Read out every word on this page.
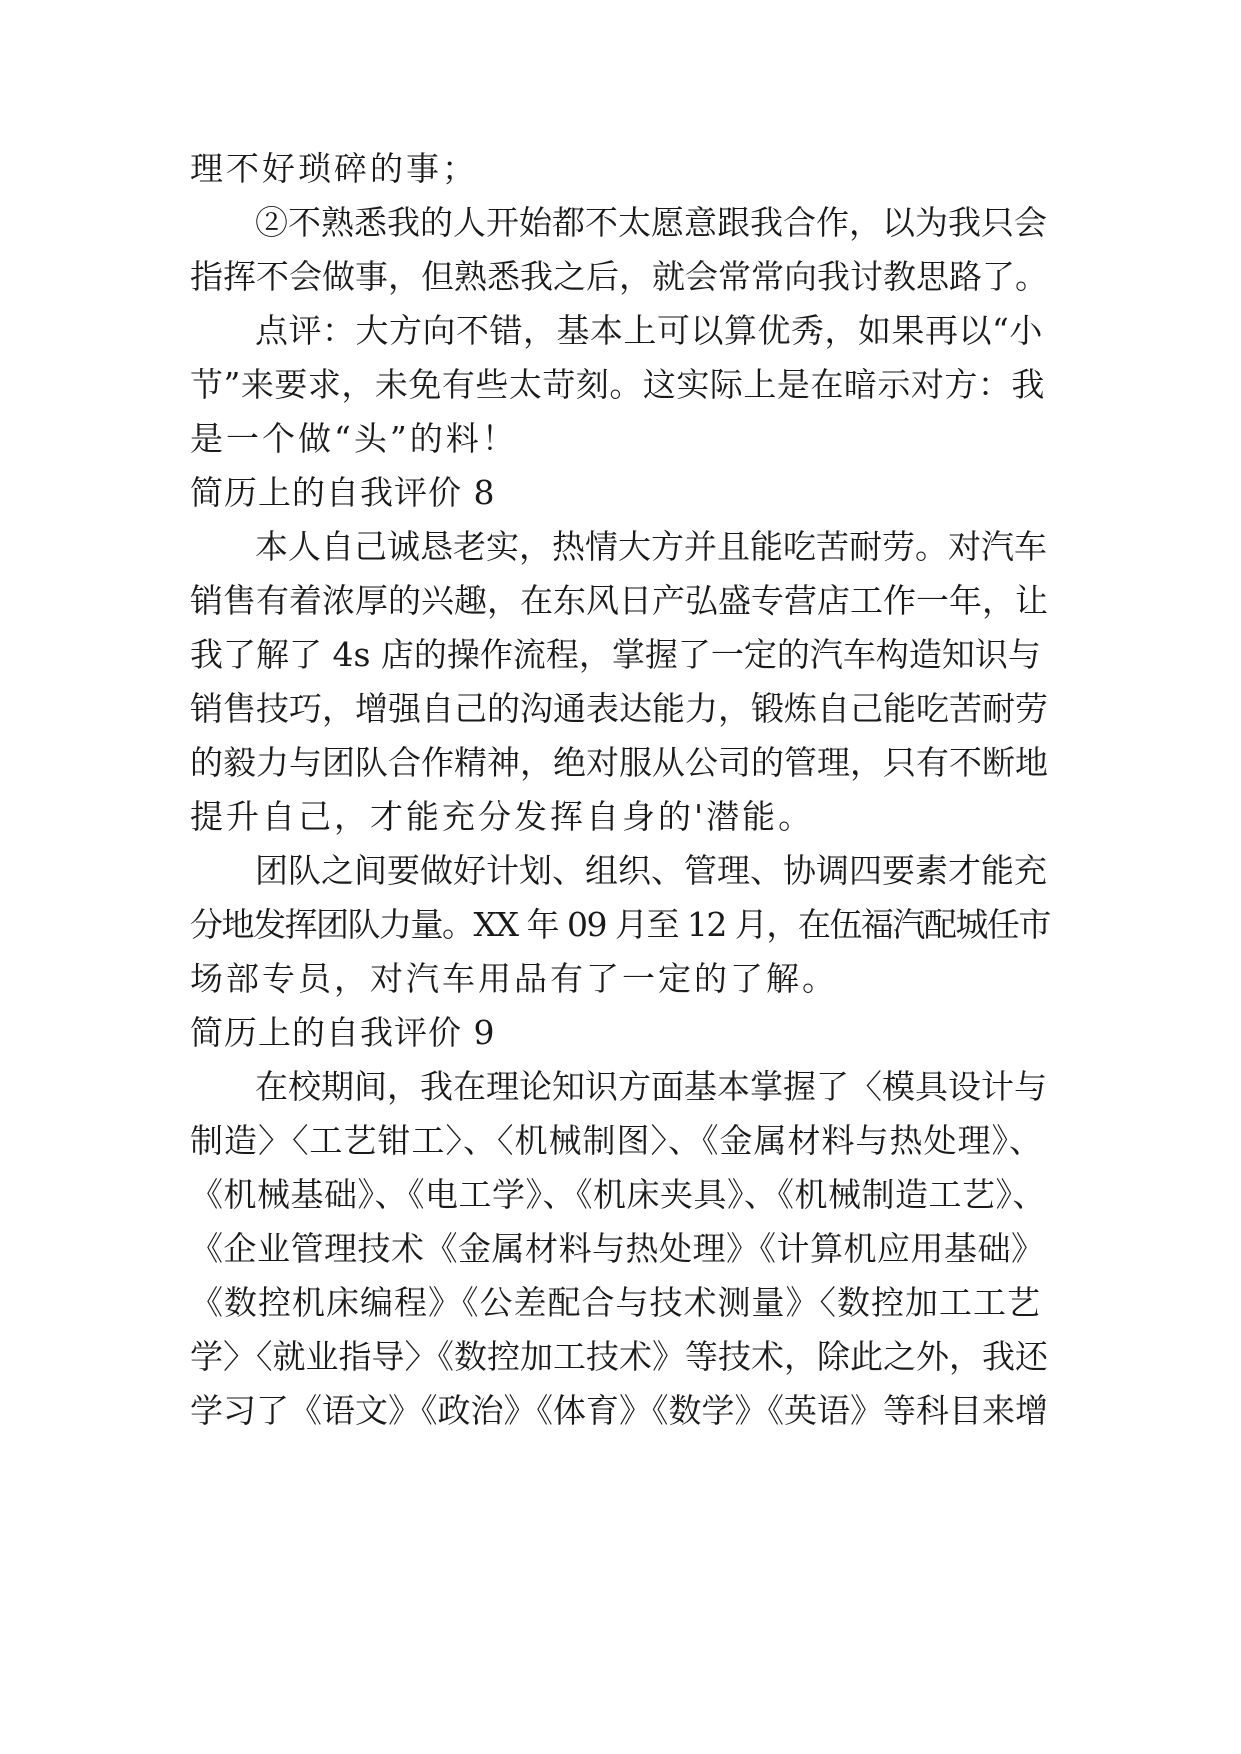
理不好琐碎的事；
②不熟悉我的人开始都不太愿意跟我合作，以为我只会
指挥不会做事，但熟悉我之后，就会常常向我讨教思路了。
点评：大方向不错，基本上可以算优秀，如果再以“小
节”来要求，未免有些太苛刻。这实际上是在暗示对方：我
是一个做“头”的料！
简历上的自我评价 8
本人自己诚恳老实，热情大方并且能吃苦耐劳。对汽车
销售有着浓厚的兴趣，在东风日产弘盛专营店工作一年，让
我了解了 4s 店的操作流程，掌握了一定的汽车构造知识与
销售技巧，增强自己的沟通表达能力，锻炼自己能吃苦耐劳
的毅力与团队合作精神，绝对服从公司的管理，只有不断地
提升自己，才能充分发挥自身的'潜能。
团队之间要做好计划、组织、管理、协调四要素才能充
分地发挥团队力量。XX 年 09 月至 12 月，在伍福汽配城任市
场部专员，对汽车用品有了一定的了解。
简历上的自我评价 9
在校期间，我在理论知识方面基本掌握了〈模具设计与
制造〉〈工艺钳工〉、〈机械制图〉、《金属材料与热处理》、
《机械基础》、《电工学》、《机床夹具》、《机械制造工艺》、
《企业管理技术《金属材料与热处理》《计算机应用基础》
《数控机床编程》《公差配合与技术测量》〈数控加工工艺
学〉〈就业指导〉《数控加工技术》等技术，除此之外，我还
学习了《语文》《政治》《体育》《数学》《英语》等科目来增
